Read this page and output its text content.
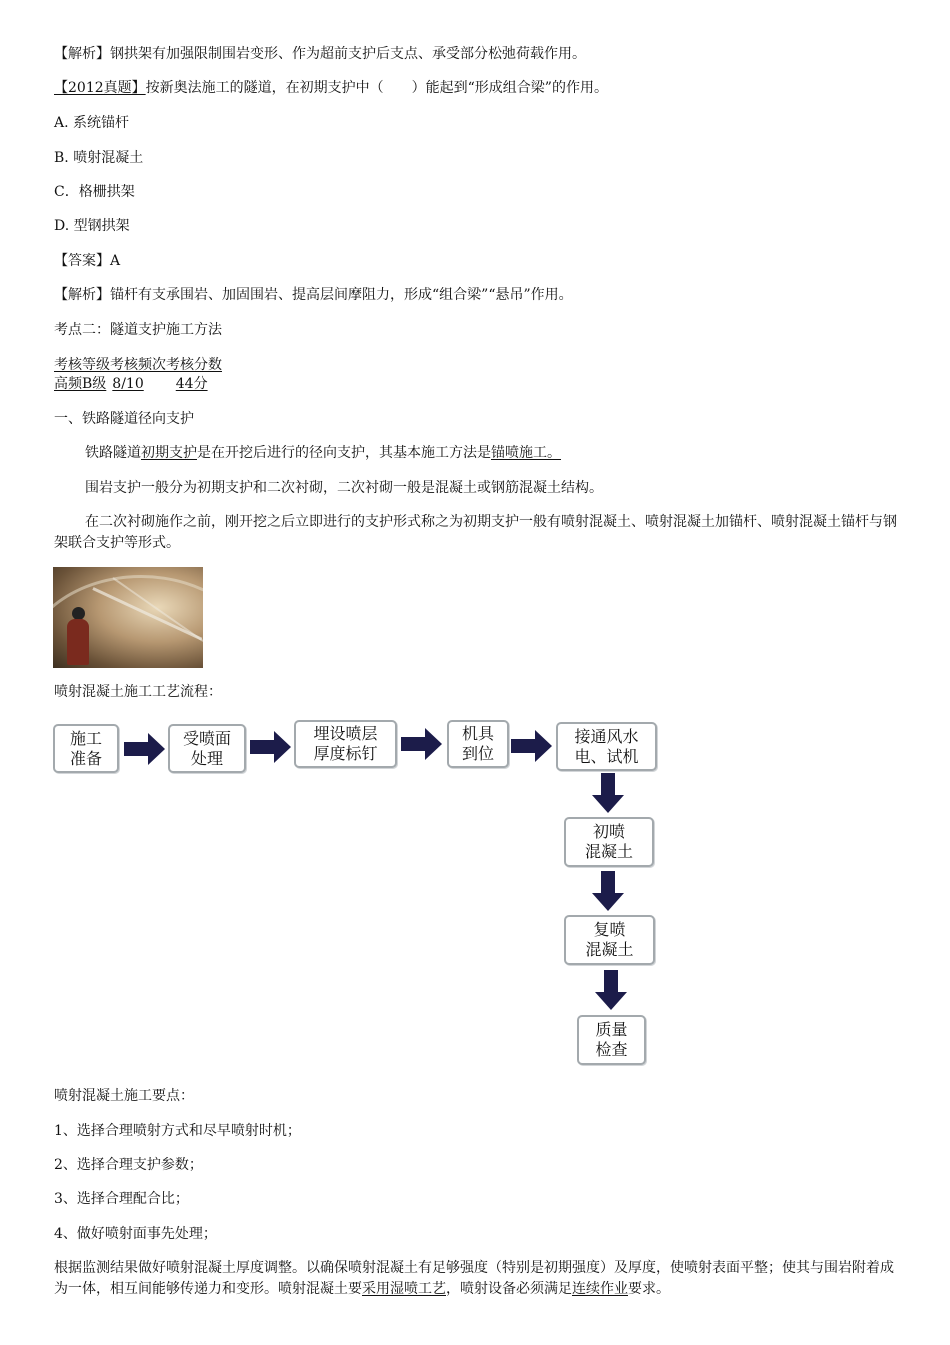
【解析】钢拱架有加强限制围岩变形、作为超前支护后支点、承受部分松弛荷载作用。
【2012真题】按新奥法施工的隧道，在初期支护中（　　）能起到“形成组合梁”的作用。
A. 系统锚杆
B. 喷射混凝土
C．格栅拱架
D. 型钢拱架
【答案】A
【解析】锚杆有支承围岩、加固围岩、提高层间摩阻力，形成“组合梁”“悬吊”作用。
考点二：隧道支护施工方法
考核等级考核频次考核分数
高频B级 8/10 44分
一、铁路隧道径向支护
铁路隧道初期支护是在开挖后进行的径向支护，其基本施工方法是锚喷施工。
围岩支护一般分为初期支护和二次衬砌，二次衬砌一般是混凝土或钢筋混凝土结构。
在二次衬砌施作之前，刚开挖之后立即进行的支护形式称之为初期支护一般有喷射混凝土、喷射混凝土加锚杆、喷射混凝土锚杆与钢架联合支护等形式。
喷射混凝土施工工艺流程：
施工
准备
受喷面
处理
埋设喷层
厚度标钉
机具
到位
接通风水
电、试机
初喷
混凝土
复喷
混凝土
质量
检查
喷射混凝土施工要点：
1、选择合理喷射方式和尽早喷射时机；
2、选择合理支护参数；
3、选择合理配合比；
4、做好喷射面事先处理；
根据监测结果做好喷射混凝土厚度调整。以确保喷射混凝土有足够强度（特别是初期强度）及厚度，使喷射表面平整；使其与围岩附着成为一体，相互间能够传递力和变形。喷射混凝土要采用湿喷工艺，喷射设备必须满足连续作业要求。
